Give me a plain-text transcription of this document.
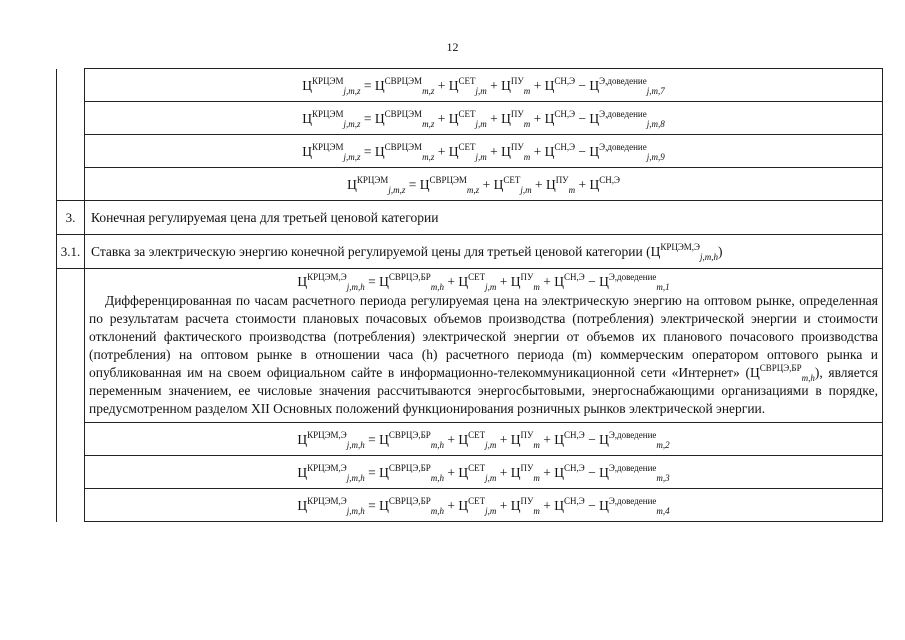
12
	$Ц^{КРЦЭМ}_{j,m,z} = Ц^{СВРЦЭМ}_{m,z} + Ц^{СЕТ}_{j,m} + Ц^{ПУ}_m + Ц^{СН,Э} - Ц^{Э,доведение}_{j,m,7}$
	$Ц^{КРЦЭМ}_{j,m,z} = Ц^{СВРЦЭМ}_{m,z} + Ц^{СЕТ}_{j,m} + Ц^{ПУ}_m + Ц^{СН,Э} - Ц^{Э,доведение}_{j,m,8}$
	$Ц^{КРЦЭМ}_{j,m,z} = Ц^{СВРЦЭМ}_{m,z} + Ц^{СЕТ}_{j,m} + Ц^{ПУ}_m + Ц^{СН,Э} - Ц^{Э,доведение}_{j,m,9}$
	$Ц^{КРЦЭМ}_{j,m,z} = Ц^{СВРЦЭМ}_{m,z} + Ц^{СЕТ}_{j,m} + Ц^{ПУ}_m + Ц^{СН,Э}$
3.	Конечная регулируемая цена для третьей ценовой категории
3.1.	Ставка за электрическую энергию конечной регулируемой цены для третьей ценовой категории $(Ц^{КРЦЭМ,Э}_{j,m,h})$

	$Ц^{КРЦЭМ,Э}_{j,m,h} = Ц^{СВРЦЭ,БР}_{m,h} + Ц^{СЕТ}_{j,m} + Ц^{ПУ}_m + Ц^{СН,Э} - Ц^{Э,доведение}_{m,1}$

Дифференцированная по часам расчетного периода регулируемая цена на электрическую энергию на оптовом рынке, определенная по результатам расчета стоимости плановых почасовых объемов производства (потребления) электрической энергии и стоимости отклонений фактического производства (потребления) электрической энергии от объемов их планового почасового производства (потребления) на оптовом рынке в отношении часа (h) расчетного периода (m) коммерческим оператором оптового рынка и опубликованная им на своем официальном сайте в информационно-телекоммуникационной сети «Интернет» $(Ц^{СВРЦЭ,БР}_{m,h})$, является переменным значением, ее числовые значения рассчитываются энергосбытовыми, энергоснабжающими организациями в порядке, предусмотренном разделом XII Основных положений функционирования розничных рынков электрической энергии.

	$Ц^{КРЦЭМ,Э}_{j,m,h} = Ц^{СВРЦЭ,БР}_{m,h} + Ц^{СЕТ}_{j,m} + Ц^{ПУ}_m + Ц^{СН,Э} - Ц^{Э,доведение}_{m,2}$
	$Ц^{КРЦЭМ,Э}_{j,m,h} = Ц^{СВРЦЭ,БР}_{m,h} + Ц^{СЕТ}_{j,m} + Ц^{ПУ}_m + Ц^{СН,Э} - Ц^{Э,доведение}_{m,3}$
	$Ц^{КРЦЭМ,Э}_{j,m,h} = Ц^{СВРЦЭ,БР}_{m,h} + Ц^{СЕТ}_{j,m} + Ц^{ПУ}_m + Ц^{СН,Э} - Ц^{Э,доведение}_{m,4}$
